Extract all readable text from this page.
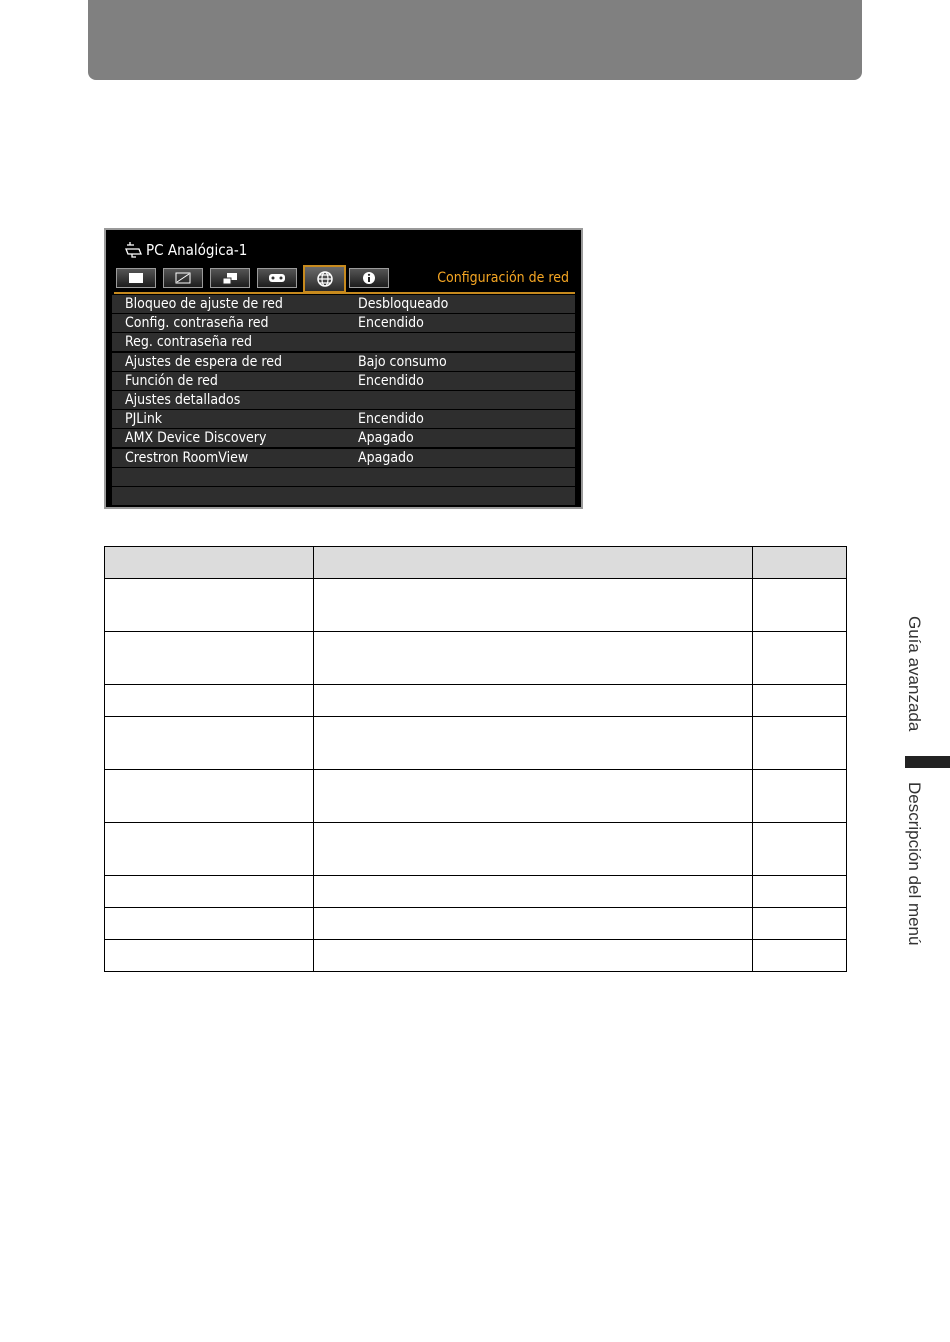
PC Analógica-1
Configuración de red
Bloqueo de ajuste de red	Desbloqueado
Config. contraseña red	Encendido
Reg. contraseña red
Ajustes de espera de red	Bajo consumo
Función de red	Encendido
Ajustes detallados
PJLink	Encendido
AMX Device Discovery	Apagado
Crestron RoomView	Apagado

Guía avanzada
Descripción del menú
